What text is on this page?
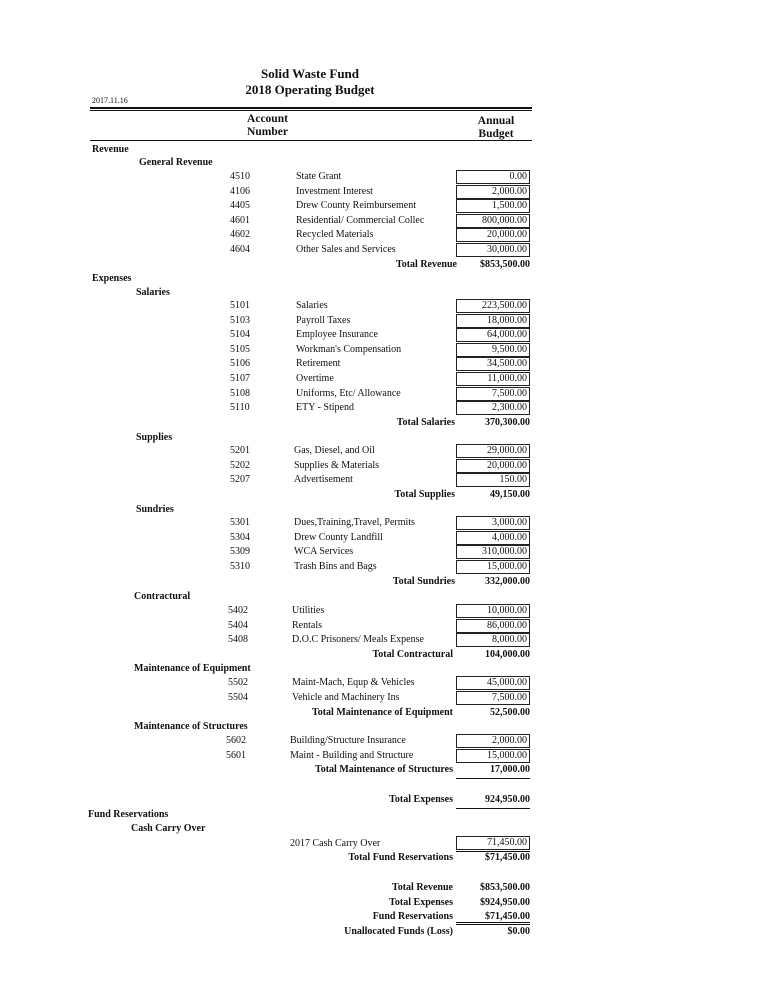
Solid Waste Fund
2018 Operating Budget
2017.11.16
Account
Number
Annual
Budget
Revenue
General Revenue
4510	State Grant	0.00
4106	Investment Interest	2,000.00
4405	Drew County Reimbursement	1,500.00
4601	Residential/ Commercial Collec	800,000.00
4602	Recycled Materials	20,000.00
4604	Other Sales and Services	30,000.00
Total Revenue	$853,500.00
Expenses
Salaries
5101	Salaries	223,500.00
5103	Payroll Taxes	18,000.00
5104	Employee Insurance	64,000.00
5105	Workman's Compensation	9,500.00
5106	Retirement	34,500.00
5107	Overtime	11,000.00
5108	Uniforms, Etc/ Allowance	7,500.00
5110	ETY - Stipend	2,300.00
Total Salaries	370,300.00
Supplies
5201	Gas, Diesel, and Oil	29,000.00
5202	Supplies & Materials	20,000.00
5207	Advertisement	150.00
Total Supplies	49,150.00
Sundries
5301	Dues,Training,Travel, Permits	3,000.00
5304	Drew County Landfill	4,000.00
5309	WCA Services	310,000.00
5310	Trash Bins and Bags	15,000.00
Total Sundries	332,000.00
Contractural
5402	Utilities	10,000.00
5404	Rentals	86,000.00
5408	D.O.C Prisoners/ Meals Expense	8,000.00
Total Contractural	104,000.00
Maintenance of Equipment
5502	Maint-Mach, Equp & Vehicles	45,000.00
5504	Vehicle and Machinery Ins	7,500.00
Total Maintenance of Equipment	52,500.00
Maintenance of Structures
5602	Building/Structure Insurance	2,000.00
5601	Maint - Building and Structure	15,000.00
Total Maintenance of Structures	17,000.00
Total Expenses	924,950.00
Fund Reservations
Cash Carry Over
2017 Cash Carry Over	71,450.00
Total Fund Reservations	$71,450.00
Total Revenue	$853,500.00
Total Expenses	$924,950.00
Fund Reservations	$71,450.00
Unallocated Funds (Loss)	$0.00
